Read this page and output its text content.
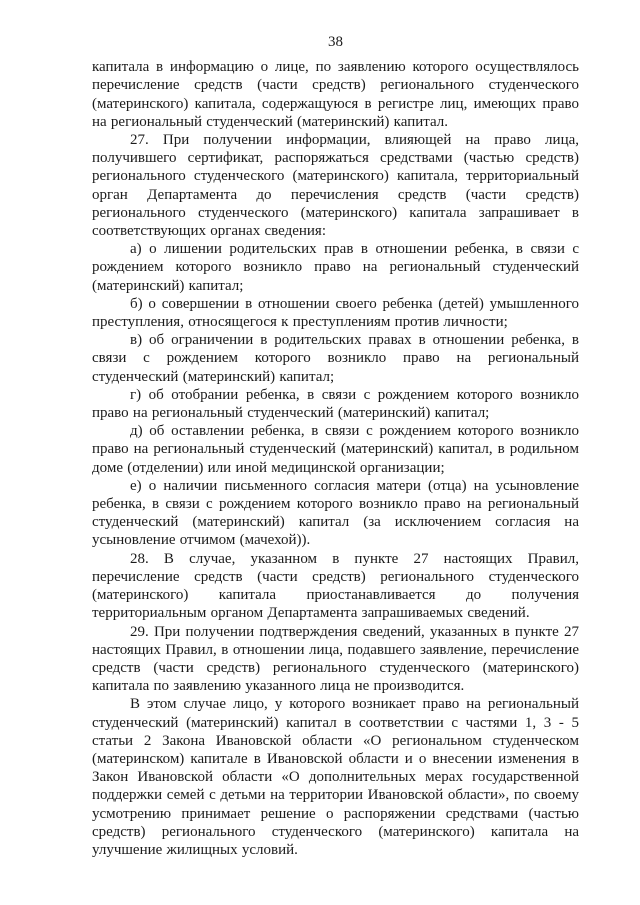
38

капитала в информацию о лице, по заявлению которого осуществлялось перечисление средств (части средств) регионального студенческого (материнского) капитала, содержащуюся в регистре лиц, имеющих право на региональный студенческий (материнский) капитал.

27. При получении информации, влияющей на право лица, получившего сертификат, распоряжаться средствами (частью средств) регионального студенческого (материнского) капитала, территориальный орган Департамента до перечисления средств (части средств) регионального студенческого (материнского) капитала запрашивает в соответствующих органах сведения:

а) о лишении родительских прав в отношении ребенка, в связи с рождением которого возникло право на региональный студенческий (материнский) капитал;

б) о совершении в отношении своего ребенка (детей) умышленного преступления, относящегося к преступлениям против личности;

в) об ограничении в родительских правах в отношении ребенка, в связи с рождением которого возникло право на региональный студенческий (материнский) капитал;

г) об отобрании ребенка, в связи с рождением которого возникло право на региональный студенческий (материнский) капитал;

д) об оставлении ребенка, в связи с рождением которого возникло право на региональный студенческий (материнский) капитал, в родильном доме (отделении) или иной медицинской организации;

е) о наличии письменного согласия матери (отца) на усыновление ребенка, в связи с рождением которого возникло право на региональный студенческий (материнский) капитал (за исключением согласия на усыновление отчимом (мачехой)).

28. В случае, указанном в пункте 27 настоящих Правил, перечисление средств (части средств) регионального студенческого (материнского) капитала приостанавливается до получения территориальным органом Департамента запрашиваемых сведений.

29. При получении подтверждения сведений, указанных в пункте 27 настоящих Правил, в отношении лица, подавшего заявление, перечисление средств (части средств) регионального студенческого (материнского) капитала по заявлению указанного лица не производится.

В этом случае лицо, у которого возникает право на региональный студенческий (материнский) капитал в соответствии с частями 1, 3 - 5 статьи 2 Закона Ивановской области «О региональном студенческом (материнском) капитале в Ивановской области и о внесении изменения в Закон Ивановской области «О дополнительных мерах государственной поддержки семей с детьми на территории Ивановской области», по своему усмотрению принимает решение о распоряжении средствами (частью средств) регионального студенческого (материнского) капитала на улучшение жилищных условий.
